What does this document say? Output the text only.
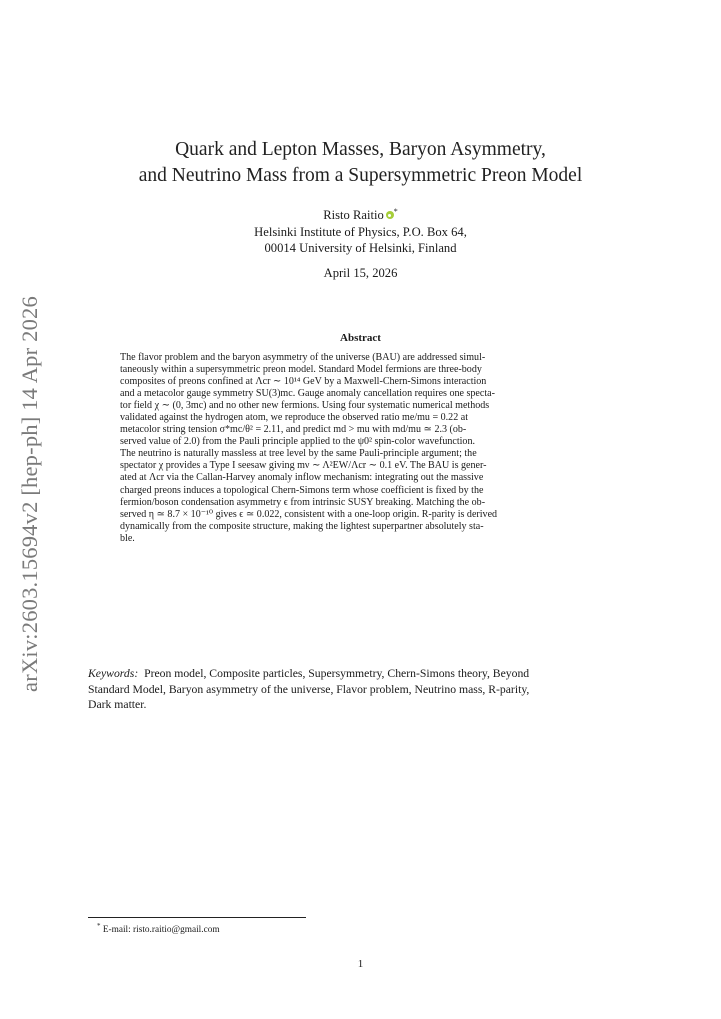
arXiv:2603.15694v2 [hep-ph] 14 Apr 2026
Quark and Lepton Masses, Baryon Asymmetry,
and Neutrino Mass from a Supersymmetric Preon Model
Risto Raitio *
Helsinki Institute of Physics, P.O. Box 64,
00014 University of Helsinki, Finland
April 15, 2026
Abstract
The flavor problem and the baryon asymmetry of the universe (BAU) are addressed simul-
taneously within a supersymmetric preon model. Standard Model fermions are three-body
composites of preons confined at Λcr ∼ 10¹⁴ GeV by a Maxwell-Chern-Simons interaction
and a metacolor gauge symmetry SU(3)mc. Gauge anomaly cancellation requires one specta-
tor field χ ∼ (0, 3mc) and no other new fermions. Using four systematic numerical methods
validated against the hydrogen atom, we reproduce the observed ratio me/mu = 0.22 at
metacolor string tension σ*mc/θ² = 2.11, and predict md > mu with md/mu ≃ 2.3 (ob-
served value of 2.0) from the Pauli principle applied to the ψ0² spin-color wavefunction.
The neutrino is naturally massless at tree level by the same Pauli-principle argument; the
spectator χ provides a Type I seesaw giving mν ∼ Λ²EW/Λcr ∼ 0.1 eV. The BAU is gener-
ated at Λcr via the Callan-Harvey anomaly inflow mechanism: integrating out the massive
charged preons induces a topological Chern-Simons term whose coefficient is fixed by the
fermion/boson condensation asymmetry ϵ from intrinsic SUSY breaking. Matching the ob-
served η ≃ 8.7 × 10⁻¹⁰ gives ϵ ≃ 0.022, consistent with a one-loop origin. R-parity is derived
dynamically from the composite structure, making the lightest superpartner absolutely sta-
ble.
Keywords: Preon model, Composite particles, Supersymmetry, Chern-Simons theory, Beyond
Standard Model, Baryon asymmetry of the universe, Flavor problem, Neutrino mass, R-parity,
Dark matter.
* E-mail: risto.raitio@gmail.com
1
